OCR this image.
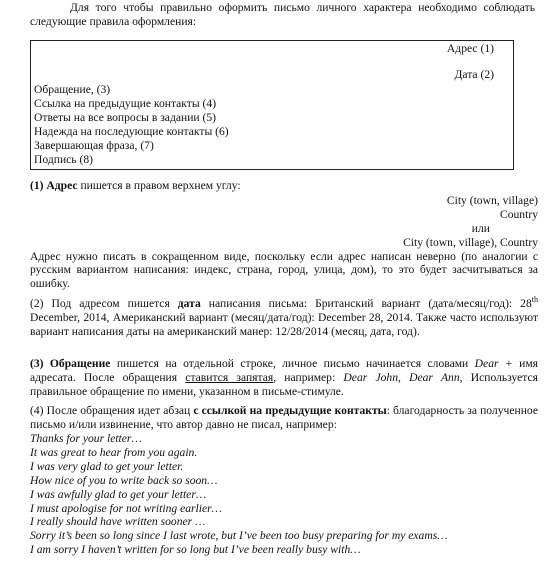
Для того чтобы правильно оформить письмо личного характера необходимо соблюдать следующие правила оформления:
Адрес (1)
Дата (2)
Обращение, (3)
Ссылка на предыдущие контакты (4)
Ответы на все вопросы в задании (5)
Надежда на последующие контакты (6)
Завершающая фраза, (7)
Подпись (8)
(1) Адрес пишется в правом верхнем углу:
City (town, village)
Country
или
City (town, village), Country
Адрес нужно писать в сокращенном виде, поскольку если адрес написан неверно (по аналогии с русским вариантом написания: индекс, страна, город, улица, дом), то это будет засчитываться за ошибку.
(2) Под адресом пишется дата написания письма: Британский вариант (дата/месяц/год): 28th December, 2014, Американский вариант (месяц/дата/год): December 28, 2014. Также часто используют вариант написания даты на американский манер: 12/28/2014 (месяц, дата, год).
(3) Обращение пишется на отдельной строке, личное письмо начинается словами Dear + имя адресата. После обращения ставится запятая, например: Dear John, Dear Ann, Используется правильное обращение по имени, указанном в письме-стимуле.
(4) После обращения идет абзац с ссылкой на предыдущие контакты: благодарность за полученное письмо и/или извинение, что автор давно не писал, например:
Thanks for your letter…
It was great to hear from you again.
I was very glad to get your letter.
How nice of you to write back so soon…
I was awfully glad to get your letter…
I must apologise for not writing earlier…
I really should have written sooner …
Sorry it’s been so long since I last wrote, but I’ve been too busy preparing for my exams…
I am sorry I haven’t written for so long but I’ve been really busy with…
